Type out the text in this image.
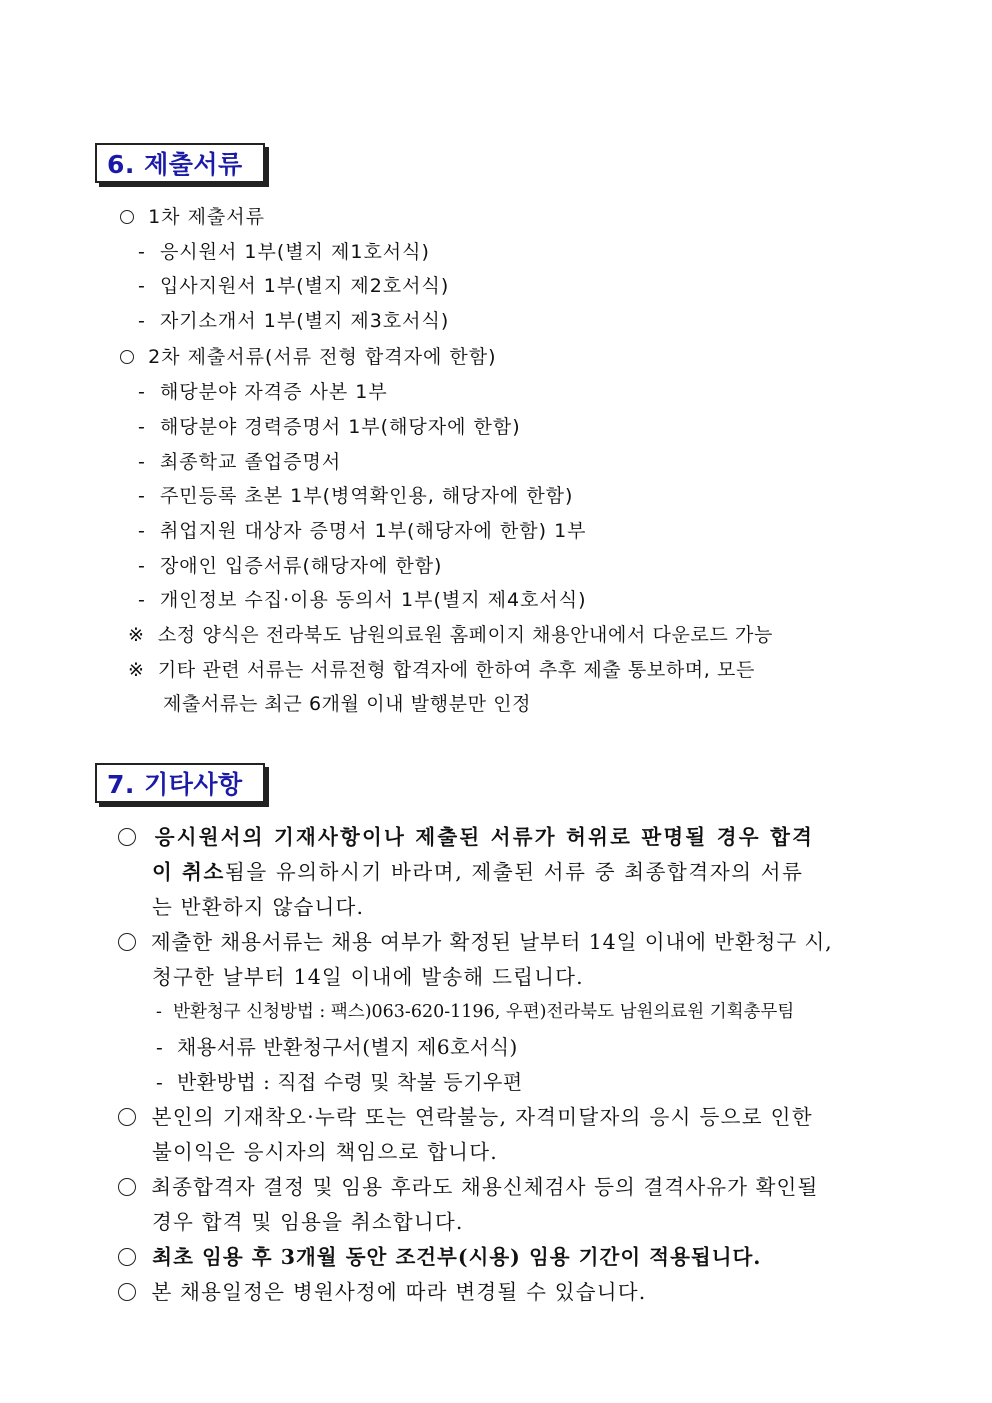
6. 제출서류
1차 제출서류
- 응시원서 1부(별지 제1호서식)
- 입사지원서 1부(별지 제2호서식)
- 자기소개서 1부(별지 제3호서식)
2차 제출서류(서류 전형 합격자에 한함)
- 해당분야 자격증 사본 1부
- 해당분야 경력증명서 1부(해당자에 한함)
- 최종학교 졸업증명서
- 주민등록 초본 1부(병역확인용, 해당자에 한함)
- 취업지원 대상자 증명서 1부(해당자에 한함) 1부
- 장애인 입증서류(해당자에 한함)
- 개인정보 수집·이용 동의서 1부(별지 제4호서식)
※ 소정 양식은 전라북도 남원의료원 홈페이지 채용안내에서 다운로드 가능
※ 기타 관련 서류는 서류전형 합격자에 한하여 추후 제출 통보하며, 모든
제출서류는 최근 6개월 이내 발행분만 인정
7. 기타사항
응시원서의 기재사항이나 제출된 서류가 허위로 판명될 경우 합격
이 취소됨을 유의하시기 바라며, 제출된 서류 중 최종합격자의 서류
는 반환하지 않습니다.
제출한 채용서류는 채용 여부가 확정된 날부터 14일 이내에 반환청구 시,
청구한 날부터 14일 이내에 발송해 드립니다.
- 반환청구 신청방법 : 팩스)063-620-1196, 우편)전라북도 남원의료원 기획총무팀
- 채용서류 반환청구서(별지 제6호서식)
- 반환방법 : 직접 수령 및 착불 등기우편
본인의 기재착오·누락 또는 연락불능, 자격미달자의 응시 등으로 인한
불이익은 응시자의 책임으로 합니다.
최종합격자 결정 및 임용 후라도 채용신체검사 등의 결격사유가 확인될
경우 합격 및 임용을 취소합니다.
최초 임용 후 3개월 동안 조건부(시용) 임용 기간이 적용됩니다.
본 채용일정은 병원사정에 따라 변경될 수 있습니다.
